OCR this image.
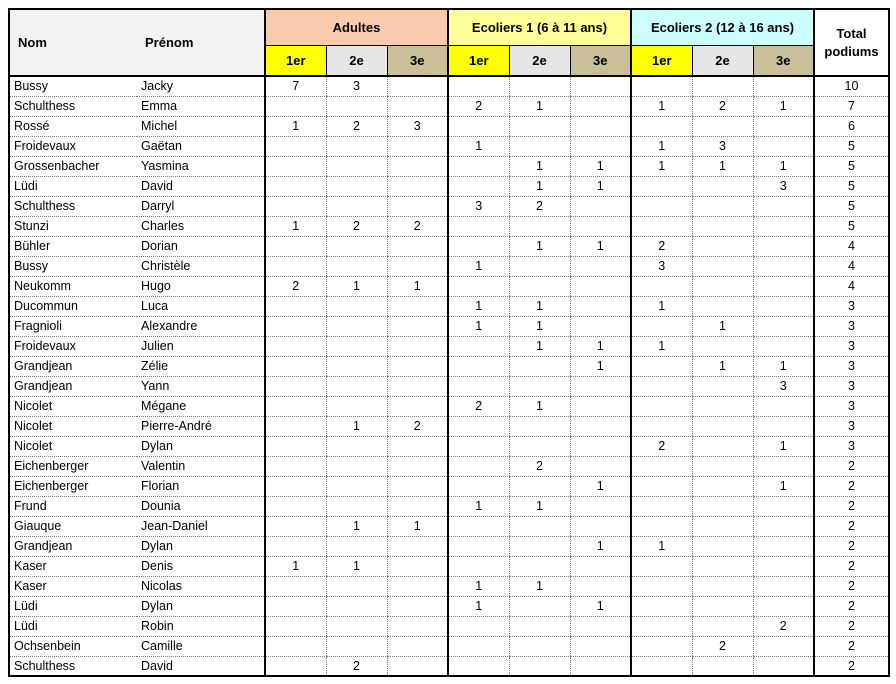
Nom	Prénom	Adultes			Ecoliers 1 (6 à 11 ans)			Ecoliers 2 (12 à 16 ans)			Total
podiums
		1er	2e	3e	1er	2e	3e	1er	2e	3e	
Bussy	Jacky	7	3								10
Schulthess	Emma				2	1		1	2	1	7
Rossé	Michel	1	2	3							6
Froidevaux	Gaëtan				1			1	3		5
Grossenbacher	Yasmina					1	1	1	1	1	5
Lüdi	David					1	1			3	5
Schulthess	Darryl				3	2					5
Stunzi	Charles	1	2	2							5
Bühler	Dorian					1	1	2			4
Bussy	Christèle				1			3			4
Neukomm	Hugo	2	1	1							4
Ducommun	Luca				1	1		1			3
Fragnioli	Alexandre				1	1			1		3
Froidevaux	Julien					1	1	1			3
Grandjean	Zélie						1		1	1	3
Grandjean	Yann									3	3
Nicolet	Mégane				2	1					3
Nicolet	Pierre-André		1	2							3
Nicolet	Dylan							2		1	3
Eichenberger	Valentin					2					2
Eichenberger	Florian						1			1	2
Frund	Dounia				1	1					2
Giauque	Jean-Daniel		1	1							2
Grandjean	Dylan						1	1			2
Kaser	Denis	1	1								2
Kaser	Nicolas				1	1					2
Lüdi	Dylan				1		1				2
Lüdi	Robin									2	2
Ochsenbein	Camille								2		2
Schulthess	David		2								2
